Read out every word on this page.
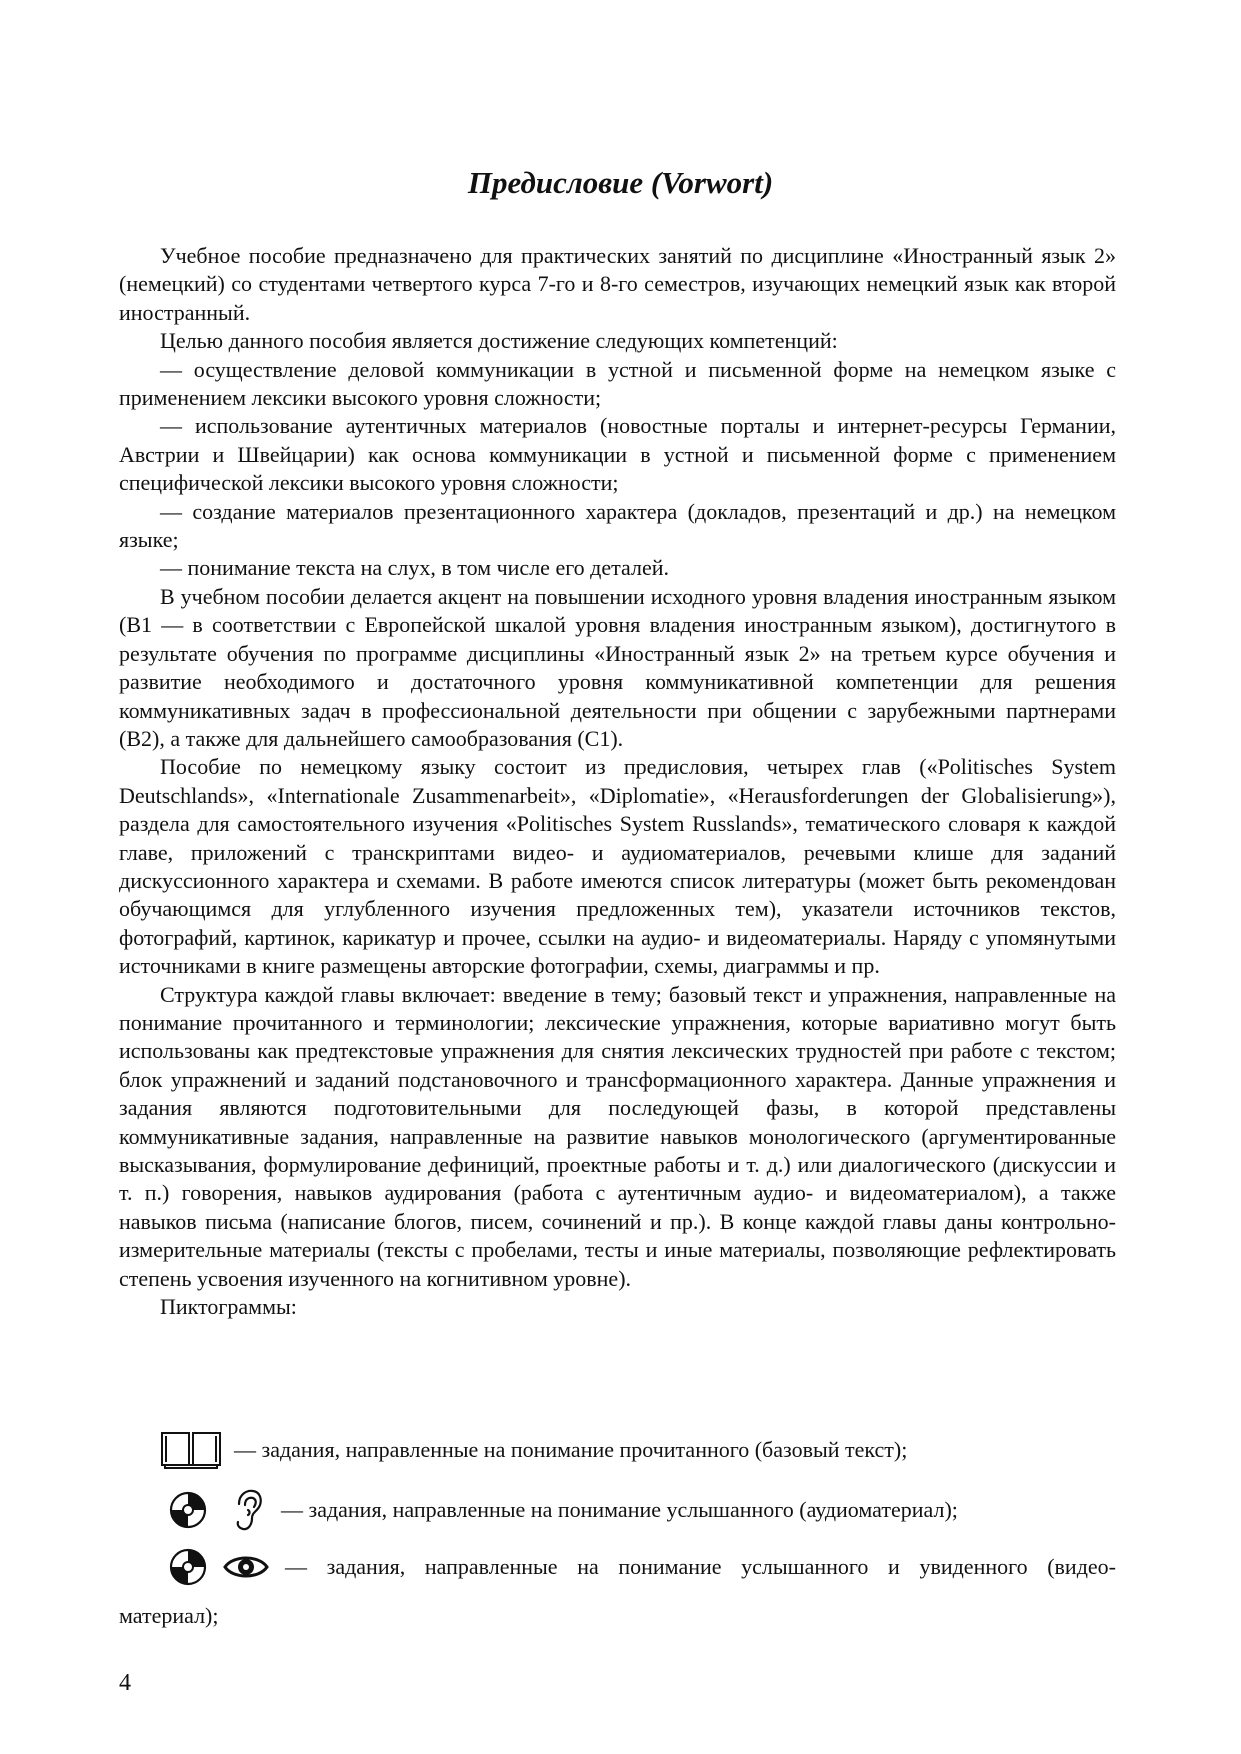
Предисловие (Vorwort)

Учебное пособие предназначено для практических занятий по дисциплине «Иностранный язык 2» (немецкий) со студентами четвертого курса 7-го и 8-го семестров, изучающих немецкий язык как второй иностранный.

Целью данного пособия является достижение следующих компетенций:

— осуществление деловой коммуникации в устной и письменной форме на немецком языке с применением лексики высокого уровня сложности;

— использование аутентичных материалов (новостные порталы и интернет-ресурсы Германии, Австрии и Швейцарии) как основа коммуникации в устной и письменной форме с применением специфической лексики высокого уровня сложности;

— создание материалов презентационного характера (докладов, презентаций и др.) на немецком языке;

— понимание текста на слух, в том числе его деталей.

В учебном пособии делается акцент на повышении исходного уровня владения иностранным языком (В1 — в соответствии с Европейской шкалой уровня владения иностранным языком), достигнутого в результате обучения по программе дисциплины «Иностранный язык 2» на третьем курсе обучения и развитие необходимого и достаточного уровня коммуникативной компетенции для решения коммуникативных задач в профессиональной деятельности при общении с зарубежными партнерами (В2), а также для дальнейшего самообразования (С1).

Пособие по немецкому языку состоит из предисловия, четырех глав («Politisches System Deutschlands», «Internationale Zusammenarbeit», «Diplomatie», «Herausforderungen der Globalisierung»), раздела для самостоятельного изучения «Politisches System Russlands», тематического словаря к каждой главе, приложений с транскриптами видео- и аудиоматериалов, речевыми клише для заданий дискуссионного характера и схемами. В работе имеются список литературы (может быть рекомендован обучающимся для углубленного изучения предложенных тем), указатели источников текстов, фотографий, картинок, карикатур и прочее, ссылки на аудио- и видеоматериалы. Наряду с упомянутыми источниками в книге размещены авторские фотографии, схемы, диаграммы и пр.

Структура каждой главы включает: введение в тему; базовый текст и упражнения, направленные на понимание прочитанного и терминологии; лексические упражнения, которые вариативно могут быть использованы как предтекстовые упражнения для снятия лексических трудностей при работе с текстом; блок упражнений и заданий подстановочного и трансформационного характера. Данные упражнения и задания являются подготовительными для последующей фазы, в которой представлены коммуникативные задания, направленные на развитие навыков монологического (аргументированные высказывания, формулирование дефиниций, проектные работы и т. д.) или диалогического (дискуссии и т. п.) говорения, навыков аудирования (работа с аутентичным аудио- и видеоматериалом), а также навыков письма (написание блогов, писем, сочинений и пр.). В конце каждой главы даны контрольно-измерительные материалы (тексты с пробелами, тесты и иные материалы, позволяющие рефлектировать степень усвоения изученного на когнитивном уровне).

Пиктограммы:

— задания, направленные на понимание прочитанного (базовый текст);
— задания, направленные на понимание услышанного (аудиоматериал);
— задания, направленные на понимание услышанного и увиденного (видео-
материал);
4
